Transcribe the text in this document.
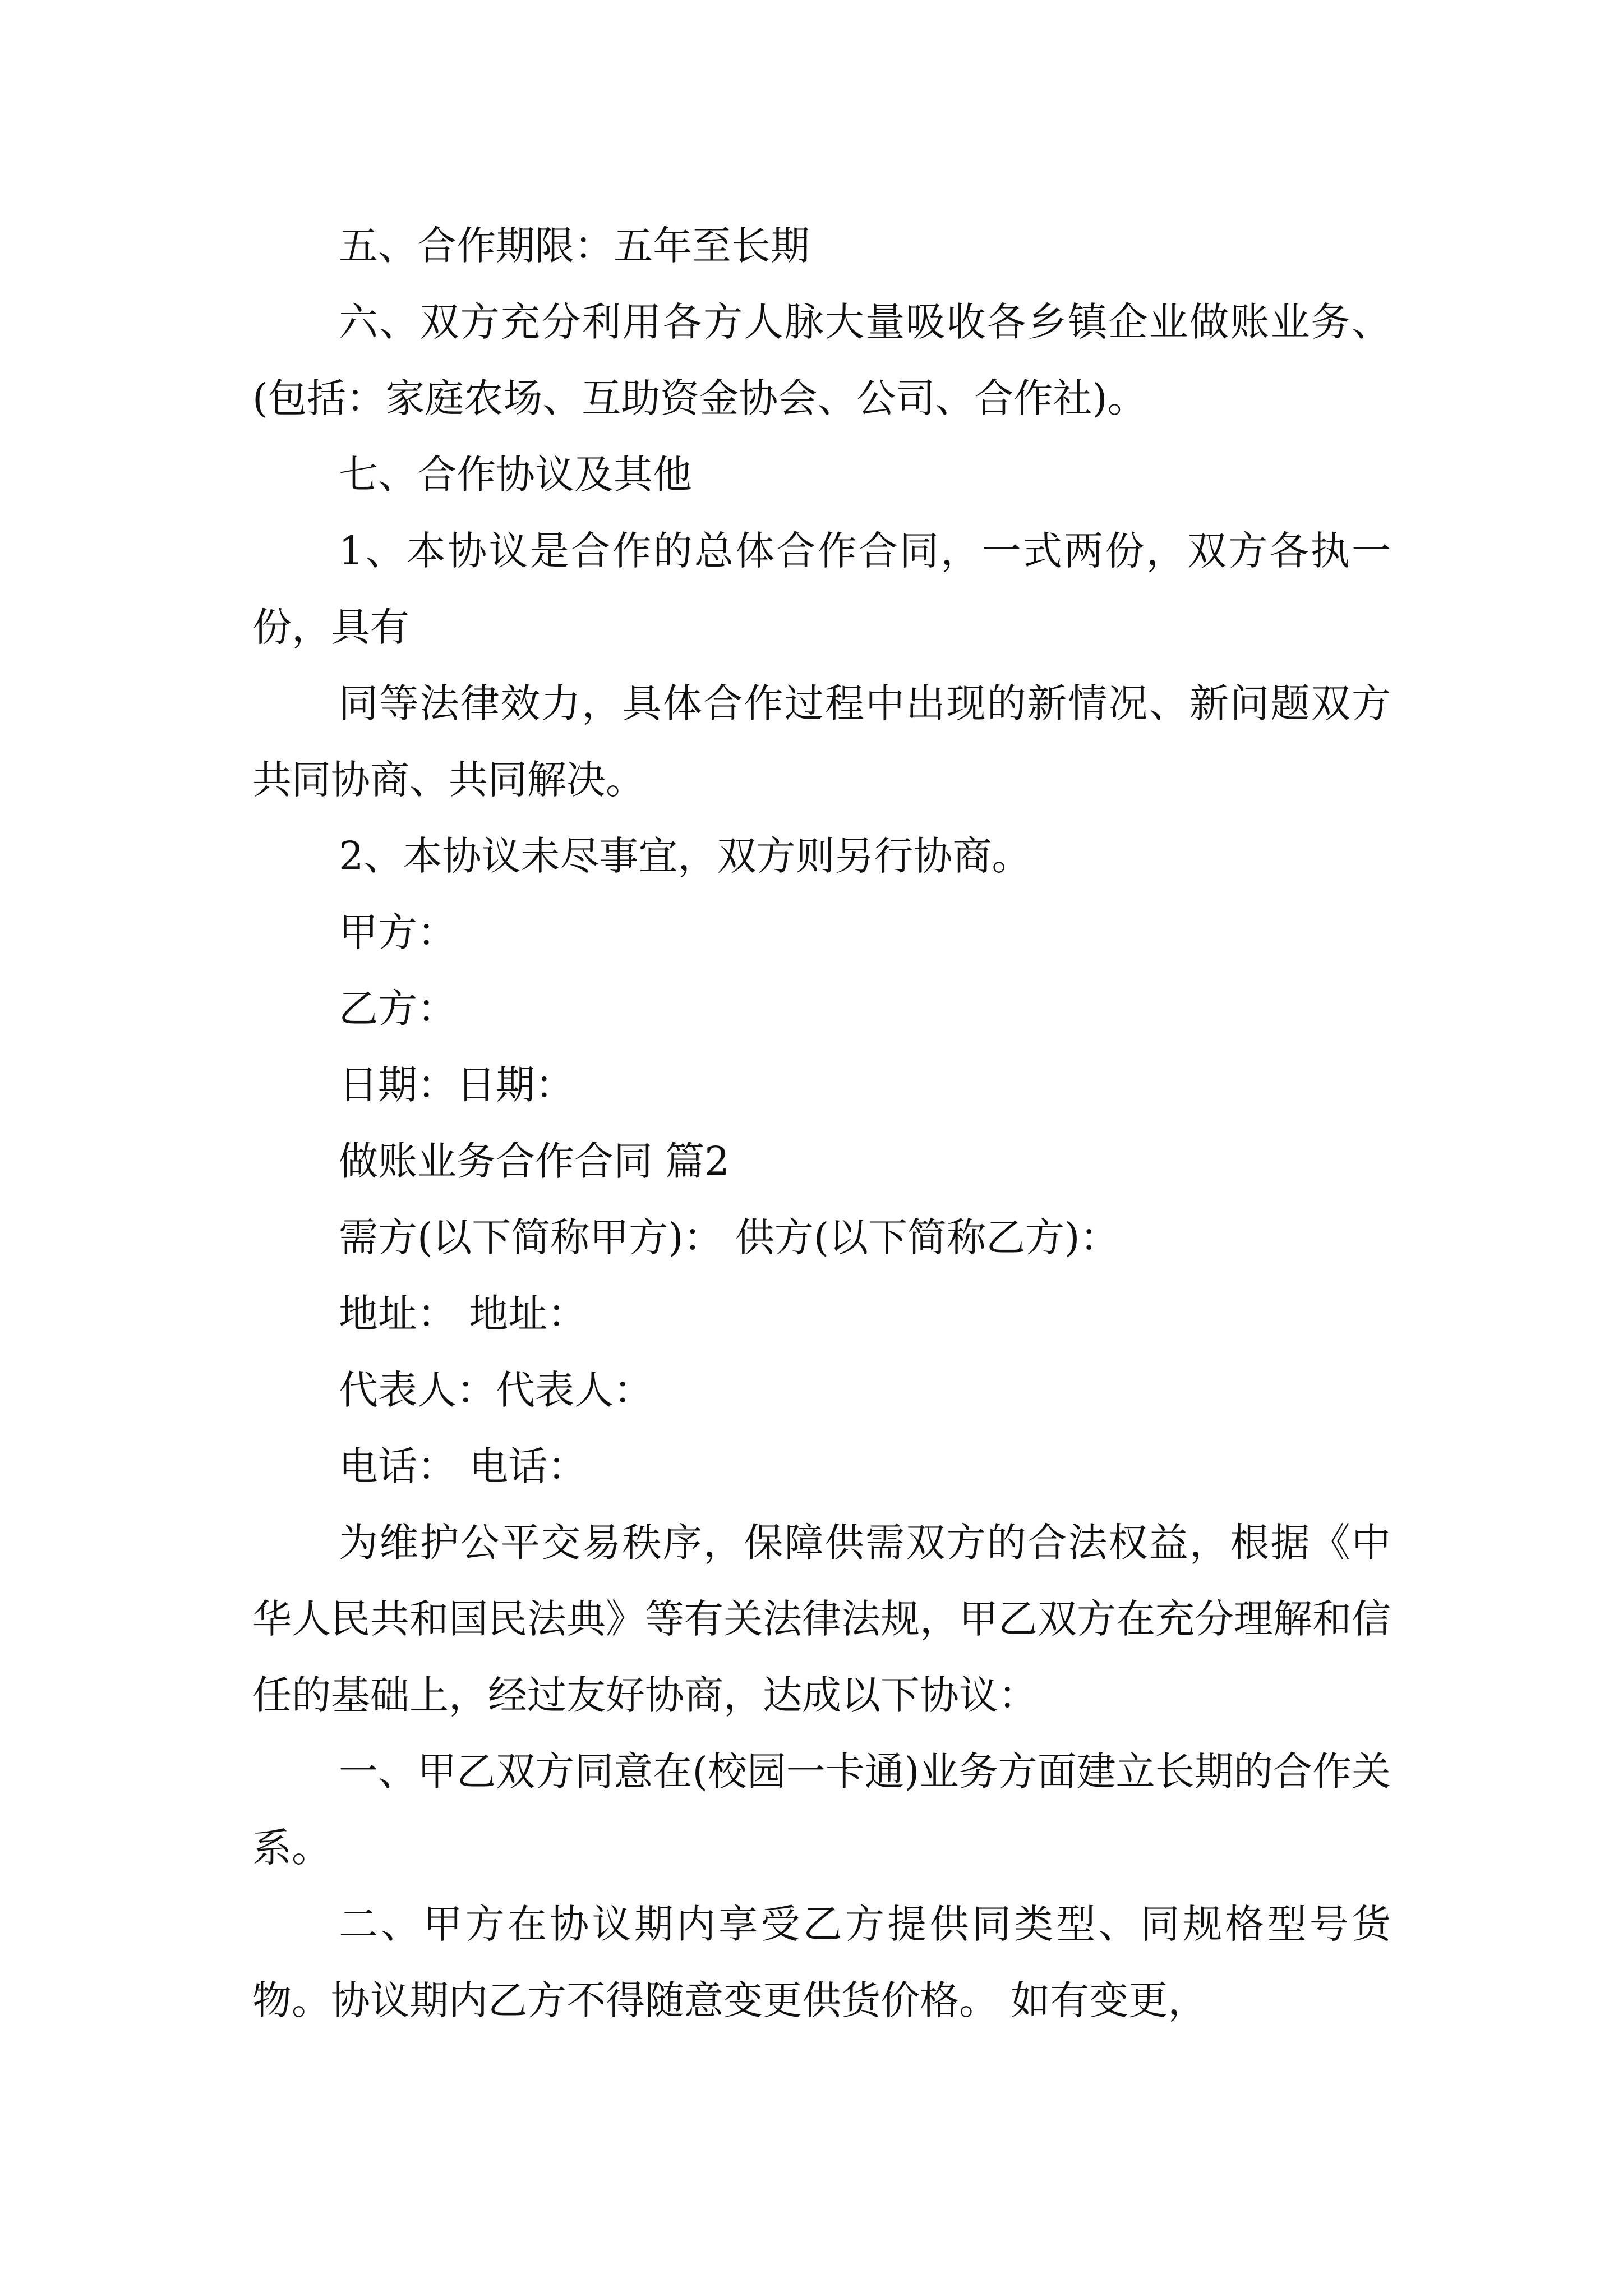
五、合作期限：五年至长期

六、双方充分利用各方人脉大量吸收各乡镇企业做账业务、(包括：家庭农场、互助资金协会、公司、合作社)。

七、合作协议及其他

1、本协议是合作的总体合作合同，一式两份，双方各执一份，具有

同等法律效力，具体合作过程中出现的新情况、新问题双方共同协商、共同解决。

2、本协议未尽事宜，双方则另行协商。

甲方：

乙方：

日期：日期：

做账业务合作合同 篇2

需方(以下简称甲方)： 供方(以下简称乙方)：

地址： 地址：

代表人：代表人：

电话： 电话：

为维护公平交易秩序，保障供需双方的合法权益，根据《中华人民共和国民法典》等有关法律法规，甲乙双方在充分理解和信任的基础上，经过友好协商，达成以下协议：

一、甲乙双方同意在(校园一卡通)业务方面建立长期的合作关系。

二、甲方在协议期内享受乙方提供同类型、同规格型号货物。协议期内乙方不得随意变更供货价格。 如有变更，
